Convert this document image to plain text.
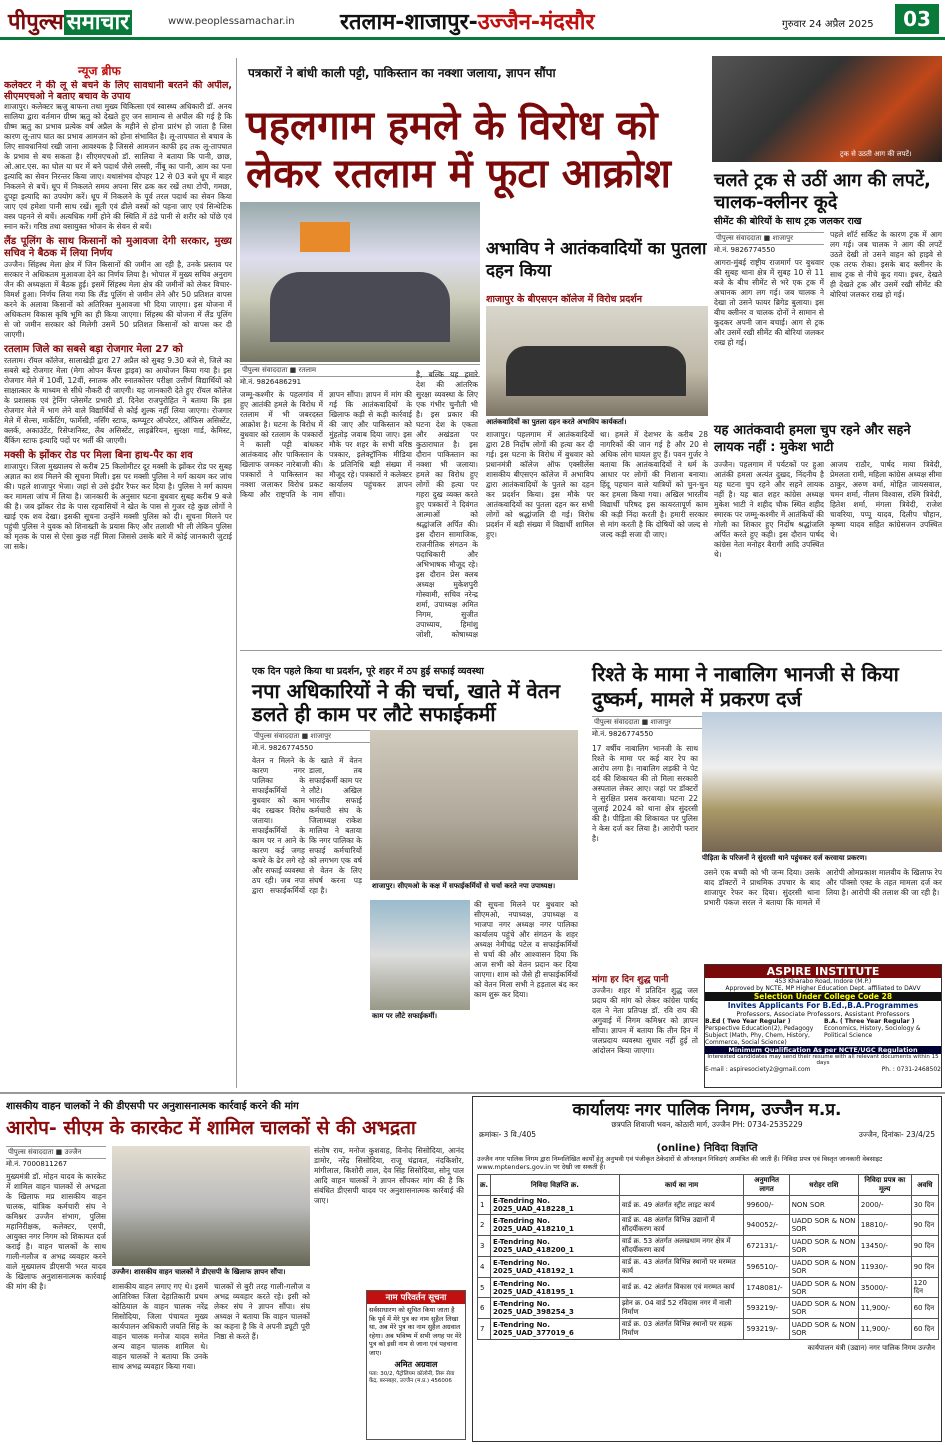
पीपुल्स समाचार	www.peoplessamachar.in रतलाम-शाजापुर-उज्जैन-मंदसौर	गुरुवार 24 अप्रैल 2025	03
न्यूज ब्रीफ
कलेक्टर ने की लू से बचने के लिए सावधानी बरतने की अपील, सीएमएचओ ने बताए बचाव के उपाय
शाजापुर। कलेक्टर ऋजु बाफना तथा मुख्य चिकित्सा एवं स्वास्थ्य अधिकारी डॉ. अनय सालिया द्वारा वर्तमान ग्रीष्म ऋतु को देखते हुए जन सामान्य से अपील की गई है कि ग्रीष्म ऋतु का प्रभाव प्रत्येक वर्ष अप्रैल के महीने से होना प्रारंभ हो जाता है जिस कारण लू-ताप घात का प्रभाव आमजन को होना संभावित है। लू-तापघात से बचाव के लिए सावधानियां रखी जाना आवश्यक है जिससे आमजन काफी हद तक लू-तापघात के प्रभाव से बच सकता है। सीएमएचओ डॉ. सालिया ने बताया कि पानी, छाछ, ओ.आर.एस. का घोल या घर में बने पदार्थ जैसे लस्सी, नींबू का पानी, आम का पना इत्यादि का सेवन निरन्तर किया जाए। यथासंभव दोपहर 12 से 03 बजे धूप में बाहर निकलने से बचें। धूप में निकलते समय अपना सिर ढक कर रखें तथा टोपी, गमछा, दुपट्टा इत्यादि का उपयोग करें। धूप में निकलने के पूर्व तरल पदार्थ का सेवन किया जाए एवं हमेशा पानी साथ रखें। सूती एवं ढीले वस्त्रों को पहना जाए एवं सिन्थेटिक वस्त्र पहनने से बचें। अत्यधिक गर्मी होने की स्थिति में ठंडे पानी से शरीर को पोंछे एवं स्नान करें। गरिष्ठ तथा वसायुक्त भोजन के सेवन से बचें।
लैंड पूलिंग के साथ किसानों को मुआवजा देगी सरकार, मुख्य सचिव ने बैठक में लिया निर्णय
उज्जैन। सिंहस्थ मेला क्षेत्र में जिन किसानों की जमीन आ रही है, उनके प्रस्ताव पर सरकार ने अधिकतम मुआवजा देने का निर्णय लिया है। भोपाल में मुख्य सचिव अनुराग जैन की अध्यक्षता में बैठक हुई। इसमें सिंहस्थ मेला क्षेत्र की जमीनों को लेकर विचार-विमर्श हुआ। निर्णय लिया गया कि लैंड पूलिंग से जमीन लेने और 50 प्रतिशत वापस करने के अलावा किसानों को अतिरिक्त मुआवजा भी दिया जाएगा। इस योजना में अधिकतम विकास कृषि भूमि का ही किया जाएगा। सिंहस्थ की योजना में लैंड पूलिंग से जो जमीन सरकार को मिलेगी उसमें 50 प्रतिशत किसानों को वापस कर दी जाएगी।
रतलाम जिले का सबसे बड़ा रोजगार मेला 27 को
रतलाम। रॉयल कॉलेज, सालाखेड़ी द्वारा 27 अप्रैल को सुबह 9.30 बजे से, जिले का सबसे बड़े रोजगार मेला (मेगा ओपन कैंपस ड्राइव) का आयोजन किया गया है। इस रोजगार मेले में 10वीं, 12वीं, स्नातक और स्नातकोत्तर परीक्षा उत्तीर्ण विद्यार्थियों को साक्षात्कार के माध्यम से सीधे नौकरी दी जाएगी। यह जानकारी देते हुए रॉयल कॉलेज के प्रशासक एवं ट्रेनिंग प्लेसमेंट प्रभारी डॉ. दिनेश राजपुरोहित ने बताया कि इस रोजगार मेले में भाग लेने वाले विद्यार्थियों से कोई शुल्क नहीं लिया जाएगा। रोजगार मेले में सेल्स, मार्केटिंग, फार्मेसी, नर्सिंग स्टाफ, कम्प्यूटर ऑपरेटर, ऑफिस असिस्टेंट, क्लर्क, अकाउंटेंट, रिसेप्शनिस्ट, लैब असिस्टेंट, लाइब्रेरियन, सुरक्षा गार्ड, केमिस्ट, बैंकिंग स्टाफ इत्यादि पदों पर भर्ती की जाएगी।
मक्सी के झोंकर रोड पर मिला बिना हाथ-पैर का शव
शाजापुर। जिला मुख्यालय से करीब 25 किलोमीटर दूर मक्सी के झोंकर रोड पर सुबह अज्ञात का शव मिलने की सूचना मिली। इस पर मक्सी पुलिस ने मर्ग कायम कर जांच की। पहले शाजापुर भेजा। जहां से उसे इंदौर रैफर कर दिया है। पुलिस ने मर्ग कायम कर मामला जांच में लिया है। जानकारी के अनुसार घटना बुधवार सुबह करीब 9 बजे की है। जब झोंकर रोड के पास रहवासियों ने खेत के पास से गुजर रहे कुछ लोगों ने खाई एक शव देखा। इसकी सूचना उन्होंने मक्सी पुलिस को दी। सूचना मिलने पर पहुंची पुलिस ने युवक को शिनाख्ती के प्रयास किए और तलाशी भी ली लेकिन पुलिस को मृतक के पास से ऐसा कुछ नहीं मिला जिससे उसके बारे में कोई जानकारी जुटाई जा सके।
पत्रकारों ने बांधी काली पट्टी, पाकिस्तान का नक्शा जलाया, ज्ञापन सौंपा
पहलगाम हमले के विरोध को लेकर रतलाम में फूटा आक्रोश
पीपुल्स संवाददाता ■ रतलाम
मो.नं. 9826486291
जम्मू-कश्मीर के पहलगांव में हुए आतंकी हमले के विरोध में रतलाम में भी जबरदस्त आक्रोश है। घटना के विरोध में बुधवार को रतलाम के पत्रकारों ने काली पट्टी बांधकर आतंकवाद और पाकिस्तान के खिलाफ जमकर नारेबाजी की। पत्रकारों ने पाकिस्तान का नक्शा जलाकर विरोध प्रकट किया और राष्ट्रपति के नाम ज्ञापन सौंपा। ज्ञापन में मांग की गई कि आतंकवादियों के खिलाफ कड़ी से कड़ी कार्रवाई की जाए और पाकिस्तान को मुंहतोड़ जवाब दिया जाए। इस मौके पर शहर के सभी वरिष्ठ पत्रकार, इलेक्ट्रॉनिक मीडिया के प्रतिनिधि बड़ी संख्या में मौजूद रहे। पत्रकारों ने कलेक्टर कार्यालय पहुंचकर ज्ञापन सौंपा।
है, बल्कि यह हमारे देश की आंतरिक सुरक्षा व्यवस्था के लिए एक गंभीर चुनौती भी है। इस प्रकार की घटना देश के एकता और अखंडता पर कुठाराघात है। इस दौरान पाकिस्तान का नक्शा भी जलाया। हमले का विरोध हुए लोगों की हत्या पर गहरा दुख व्यक्त करते हुए पत्रकारों ने दिवंगत आत्माओं को श्रद्धांजलि अर्पित की। इस दौरान सामाजिक, राजनीतिक संगठन के पदाधिकारी और अभिभाषक मौजूद रहे। इस दौरान प्रेस क्लब अध्यक्ष मुकेशपुरी गोस्वामी, सचिव नरेन्द्र शर्मा, उपाध्यक्ष अमित निगम, सुजीत उपाध्याय, हिमांशु जोशी, कोषाध्यक्ष
अभाविप ने आतंकवादियों का पुतला दहन किया
शाजापुर के बीएसएन कॉलेज में विरोध प्रदर्शन
आतंकवादियों का पुतला दहन करते अभाविप कार्यकर्ता।
शाजापुर। पहलगाम में आतंकवादियों द्वारा 28 निर्दोष लोगों की हत्या कर दी गई। इस घटना के विरोध में बुधवार को प्रधानमंत्री कॉलेज ऑफ एक्सीलेंस शासकीय बीएसएन कॉलेज में अभाविप द्वारा आतंकवादियों के पुतले का दहन कर प्रदर्शन किया। इस मौके पर आतंकवादियों का पुतला दहन कर सभी लोगों को श्रद्धांजलि दी गई। विरोध प्रदर्शन में बड़ी संख्या में विद्यार्थी शामिल हुए।
था। हमले में देशभर के करीब 28 नागरिकों की जान गई है और 20 से अधिक लोग घायल हुए हैं। पवन गुर्जर ने बताया कि आतंकवादियों ने धर्म के आधार पर लोगों की निशाना बनाया। हिंदू पहचान वाले यात्रियों को चुन-चुन कर हमला किया गया। अखिल भारतीय विद्यार्थी परिषद इस कायरतापूर्ण काम की कड़ी निंदा करती है। हमारी सरकार से मांग करती है कि दोषियों को जल्द से जल्द कड़ी सजा दी जाए।
ट्रक से उठती आग की लपटें।
चलते ट्रक से उठीं आग की लपटें, चालक-क्लीनर कूदे
सीमेंट की बोरियों के साथ ट्रक जलकर राख
पीपुल्स संवाददाता ■ शाजापुर
मो.नं. 9826774550
आगरा-मुंबई राष्ट्रीय राजमार्ग पर बुधवार की सुबह थाना क्षेत्र में सुबह 10 से 11 बजे के बीच सीमेंट से भरे एक ट्रक में अचानक आग लग गई। जब चालक ने देखा तो उसने फायर ब्रिगेड बुलाया। इस बीच क्लीनर व चालक दोनों ने सामान से कूदकर अपनी जान बचाई। आग से ट्रक और उसमें रखी सीमेंट की बोरियां जलकर राख हो गई।
पहले शॉर्ट सर्किट के कारण ट्रक में आग लग गई। जब चालक ने आग की लपटें उठते देखी तो उसने वाहन को हाइवे से एक तरफ रोका। इसके बाद क्लीनर के साथ ट्रक से नीचे कूद गया। इधर, देखते ही देखते ट्रक और उसमें रखी सीमेंट की बोरियां जलकर राख हो गई।
यह आतंकवादी हमला चुप रहने और सहने लायक नहीं : मुकेश भाटी
उज्जैन। पहलगाम में पर्यटकों पर हुआ आतंकी हमला अत्यंत दुखद, निंदनीय है यह घटना चुप रहने और सहने लायक नहीं है। यह बात शहर कांग्रेस अध्यक्ष मुकेश भाटी ने शहीद चौक स्थित शहीद स्मारक पर जम्मू-कश्मीर में आतंकियों की गोली का शिकार हुए निर्दोष श्रद्धांजलि अर्पित करते हुए कही। इस दौरान पार्षद कांग्रेस नेता मनोहर बैरागी आदि उपस्थित थे।
आजय राठौर, पार्षद माया त्रिवेदी, प्रेमलता रामी, महिला कांग्रेस अध्यक्ष सीमा ठाकुर, अरुण वर्मा, मोहित जायसवाल, चमन शर्मा, नीलम विश्वास, रश्मि त्रिवेदी, हितेश शर्मा, मंगला त्रिवेदी, राजेश चावरिया, पप्पू यादव, दिलीप चौहान, कृष्णा यादव सहित कांग्रेसजन उपस्थित थे।
एक दिन पहले किया था प्रदर्शन, पूरे शहर में ठप हुई सफाई व्यवस्था
नपा अधिकारियों ने की चर्चा, खाते में वेतन डलते ही काम पर लौटे सफाईकर्मी
पीपुल्स संवाददाता ■ शाजापुर
मो.नं. 9826774550
वेतन न मिलने के कारण नगर पालिका के सफाईकर्मियों ने बुधवार को काम बंद रखकर विरोध जताया। सफाईकर्मियों के काम पर न आने के कारण कई जगह कचरे के ढेर लगे रहे और सफाई व्यवस्था ठप रही। जब नपा द्वारा सफाईकर्मियों के खाते में वेतन डाला, तब सफाईकर्मी काम पर लौटे। अखिल भारतीय सफाई कर्मचारी संघ के जिलाध्यक्ष राकेश मालिया ने बताया कि नगर पालिका के सफाई कर्मचारियों को लगभग एक वर्ष से वेतन के लिए संघर्ष करना पड़ रहा है।	शाजापुर। सीएमओ के कक्ष में सफाईकर्मियों से चर्चा करते नपा उपाध्यक्ष।
काम पर लौटे सफाईकर्मी।
की सूचना मिलने पर बुधवार को सीएमओ, नपाध्यक्ष, उपाध्यक्ष व भाजपा नगर अध्यक्ष नगर पालिका कार्यालय पहुंचे और संगठन के शहर अध्यक्ष नेमीचंद्र पटेल व सफाईकर्मियों से चर्चा की और आश्वासन दिया कि आज सभी को वेतन प्रदान कर दिया जाएगा। शाम को जैसे ही सफाईकर्मियों को वेतन मिला सभी ने हड़ताल बंद कर काम शुरू कर दिया।
रिश्ते के मामा ने नाबालिग भानजी से किया दुष्कर्म, मामले में प्रकरण दर्ज
पीपुल्स संवाददाता ■ शाजापुर
मो.नं. 9826774550
पीड़िता के परिजनों ने सुंदरसी थाने पहुंचकर दर्ज करवाया प्रकरण।
17 वर्षीय नाबालिग भानजी के साथ रिश्ते के मामा पर कई बार रेप का आरोप लगा है। नाबालिग लड़की ने पेट दर्द की शिकायत की तो मिला सरकारी अस्पताल लेकर आए। जहां पर डॉक्टरों ने सुरक्षित प्रसव करवाया। घटना 22 जुलाई 2024 को थाना क्षेत्र सुंदरसी की है। पीड़िता की शिकायत पर पुलिस ने केस दर्ज कर लिया है। आरोपी फरार है।
मांगा हर दिन शुद्ध पानी
उज्जैन। शहर में प्रतिदिन शुद्ध जल प्रदाय की मांग को लेकर कांग्रेस पार्षद दल ने नेता प्रतिपक्ष डॉ. रवि राय की अगुवाई में निगम कमिश्नर को ज्ञापन सौंपा। ज्ञापन में बताया कि तीन दिन में जलप्रदाय व्यवस्था सुधार नहीं हुई तो आंदोलन किया जाएगा।
उसने एक बच्ची को भी जन्म दिया। उसके बाद डॉक्टरों ने प्राथमिक उपचार के बाद शाजापुर रेफर कर दिया। सुंदरसी थाना प्रभारी पंकज सरल ने बताया कि मामले में आरोपी ओमप्रकाश मालवीय के खिलाफ रेप और पॉक्सो एक्ट के तहत मामला दर्ज कर लिया है। आरोपी की तलाश की जा रही है।
ASPIRE INSTITUTE
453 Kharabo Road, Indore (M.P.)
Approved by NCTE, MP Higher Education Dept. affiliated to DAVV
Selection Under College Code 28
Invites Applicants For B.Ed.,B.A.Programmes
Professors, Associate Professors, Assistant Professors
B.Ed ( Two Year Regular )
Perspective Education(2), Pedagogy Subject (Math, Phy, Chem, History, Commerce, Social Science)
B.A. ( Three Year Regular )
Economics, History, Sociology & Political Science
Minimum Qualification As per NCTE/UGC Regulation
Interested candidates may send their resume with all relevant documents within 15 days
E-mail : aspiresociety2@gmail.com	Ph. : 0731-2468502
शासकीय वाहन चालकों ने की डीएसपी पर अनुशासनात्मक कार्रवाई करने की मांग
आरोप- सीएम के कारकेट में शामिल चालकों से की अभद्रता
पीपुल्स संवाददाता ■ उज्जैन
मो.नं. 7000811267
मुख्यमंत्री डॉ. मोहन यादव के कारकेट में शामिल वाहन चालकों से अभद्रता के खिलाफ मप्र शासकीय वाहन चालक, यांत्रिक कर्मचारी संघ ने कमिश्नर उज्जैन संभाग, पुलिस महानिरीक्षक, कलेक्टर, एसपी, आयुक्त नगर निगम को शिकायत दर्ज कराई है। वाहन चालकों के साथ गाली-गलौज व अभद्र व्यवहार करने वाले मुख्यालय डीएसपी भरत यादव के खिलाफ अनुशासनात्मक कार्रवाई की मांग की है।
उज्जैन। शासकीय वाहन चालकों ने डीएसपी के खिलाफ ज्ञापन सौंपा।
शासकीय वाहन लगाए गए थे। इसमें आतिरिक्त जिला देहातिकारी प्रथम कोठियाल के वाहन चालक नरेंद्र सिसोदिया, जिला पंचायत मुख्य कार्यपालन अधिकारी जयति सिंह के वाहन चालक मनोज यादव समेत अन्य वाहन चालक शामिल थे। वाहन चालकों ने बताया कि उनके साथ अभद्र व्यवहार किया गया।
चालकों से बुरी तरह गाली-गलौज व अभद्र व्यवहार करते रहे। इसी को लेकर संघ ने ज्ञापन सौंपा। संघ अध्यक्ष ने बताया कि वाहन चालकों का कहना है कि वे अपनी ड्यूटी पूरी निष्ठा से करते हैं।
संतोष राय, मनोज कुशवाह, विनोद सिसोदिया, आनंद डामोर, नरेंद्र सिसोदिया, राजू चंद्रावत, नंदकिशोर, मांगीलाल, किशोरी लाल, देव सिंह सिसोदिया, सोनू पाल आदि वाहन चालकों ने ज्ञापन सौंपकर मांग की है कि संबंधित डीएसपी यादव पर अनुशासनात्मक कार्रवाई की जाए।
नाम परिवर्तन सूचना
सर्वसाधारण को सूचित किया जाता है कि पूर्व में मेरे पुत्र का नाम सुहैल लिखा था, अब मेरे पुत्र का नाम सुहैल अग्रवाल रहेगा। अब भविष्य में सभी जगह पर मेरे पुत्र को इसी नाम से जाना एवं पहचाना जाए।
अमित अग्रवाल
पता: 30/2, पैट्रोलियम कॉलोनी, तिरू सेवा केंद्र, बरनबहर, उज्जैन (म.प्र.) 456006
कार्यालयः नगर पालिक निगम, उज्जैन म.प्र.
छत्रपति शिवाजी भवन, कोठारी मार्ग, उज्जैन PH: 0734-2535229
क्रमांकः- 3 वि./405	उज्जैन, दिनांकः- 23/4/25
(online) निविदा विज्ञप्ति
उज्जैन नगर पालिक निगम द्वारा निम्नलिखित कार्यों हेतु अनुभवी एवं पंजीकृत ठेकेदारों से ऑनलाइन निविदाएं आमंत्रित की जाती हैं। निविदा प्रपत्र एवं विस्तृत जानकारी वेबसाइट www.mptenders.gov.in पर देखी जा सकती है।
क्र.	निविदा विज्ञप्ति क्र.	कार्य का नाम	अनुमानित लागत	धरोहर राशि	निविदा प्रपत्र का मूल्य	अवधि
1	E-Tendring No. 2025_UAD_418228_1	वार्ड क्र. 49 अंतर्गत स्ट्रीट लाइट कार्य	99600/-	NON SOR	2000/-	30 दिन
2	E-Tendring No. 2025_UAD_418210_1	वार्ड क्र. 48 अंतर्गत विभिन्न उद्यानों में सौंदर्यीकरण कार्य	940052/-	UADD SOR & NON SOR	18810/-	90 दिन
3	E-Tendring No. 2025_UAD_418200_1	वार्ड क्र. 53 अंतर्गत अलखधाम नगर क्षेत्र में सौंदर्यीकरण कार्य	672131/-	UADD SOR & NON SOR	13450/-	90 दिन
4	E-Tendring No. 2025_UAD_418192_1	वार्ड क्र. 43 अंतर्गत विभिन्न स्थानों पर मरम्मत कार्य	596510/-	UADD SOR & NON SOR	11930/-	90 दिन
5	E-Tendring No. 2025_UAD_418195_1	वार्ड क्र. 42 अंतर्गत विकास एवं मरम्मत कार्य	1748081/-	UADD SOR & NON SOR	35000/-	120 दिन
6	E-Tendring No. 2025_UAD_398254_3	झोन क्र. 04 वार्ड 52 रविदास नगर में नाली निर्माण	593219/-	UADD SOR & NON SOR	11,900/-	60 दिन
7	E-Tendring No. 2025_UAD_377019_6	वार्ड क्र. 03 अंतर्गत विभिन्न स्थानों पर सड़क निर्माण	593219/-	UADD SOR & NON SOR	11,900/-	60 दिन
कार्यपालन यंत्री (उद्यान) नगर पालिक निगम उज्जैन
